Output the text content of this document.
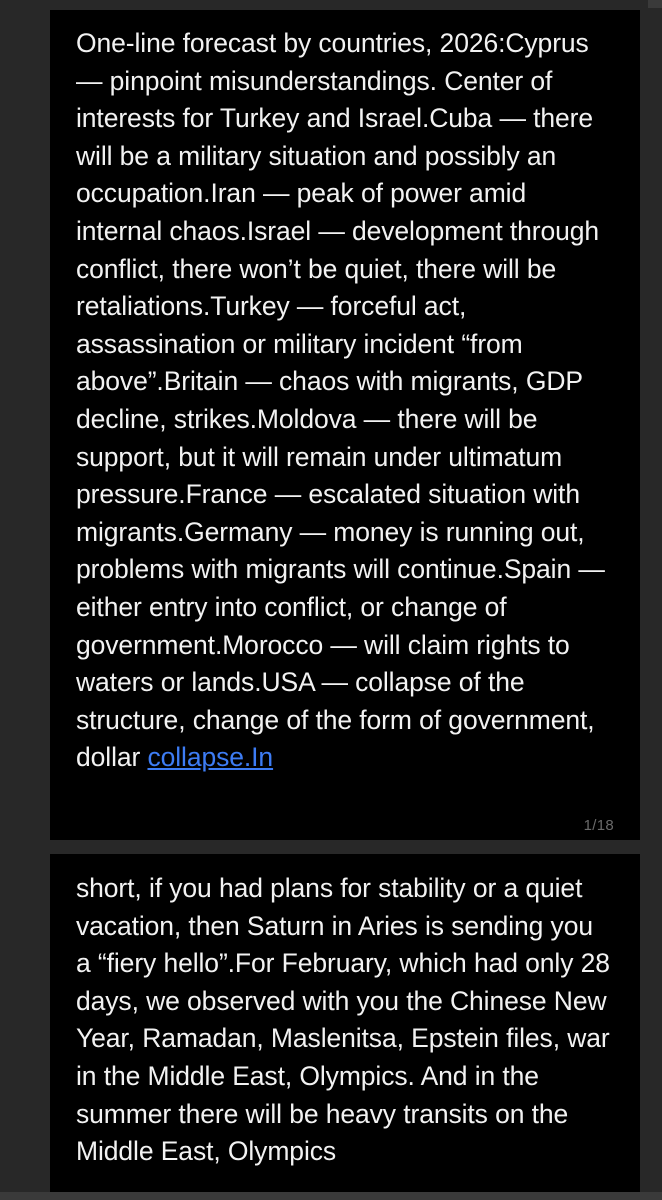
One-line forecast by countries, 2026:Cyprus — pinpoint misunderstandings. Center of interests for Turkey and Israel.Cuba — there will be a military situation and possibly an occupation.Iran — peak of power amid internal chaos.Israel — development through conflict, there won’t be quiet, there will be retaliations.Turkey — forceful act, assassination or military incident “from above”.Britain — chaos with migrants, GDP decline, strikes.Moldova — there will be support, but it will remain under ultimatum pressure.France — escalated situation with migrants.Germany — money is running out, problems with migrants will continue.Spain — either entry into conflict, or change of government.Morocco — will claim rights to waters or lands.USA — collapse of the structure, change of the form of government, dollar collapse.In
1/18
short, if you had plans for stability or a quiet vacation, then Saturn in Aries is sending you a “fiery hello”.For February, which had only 28 days, we observed with you the Chinese New Year, Ramadan, Maslenitsa, Epstein files, war in the Middle East, Olympics. And in the summer there will be heavy transits on the Middle East, Olympics
